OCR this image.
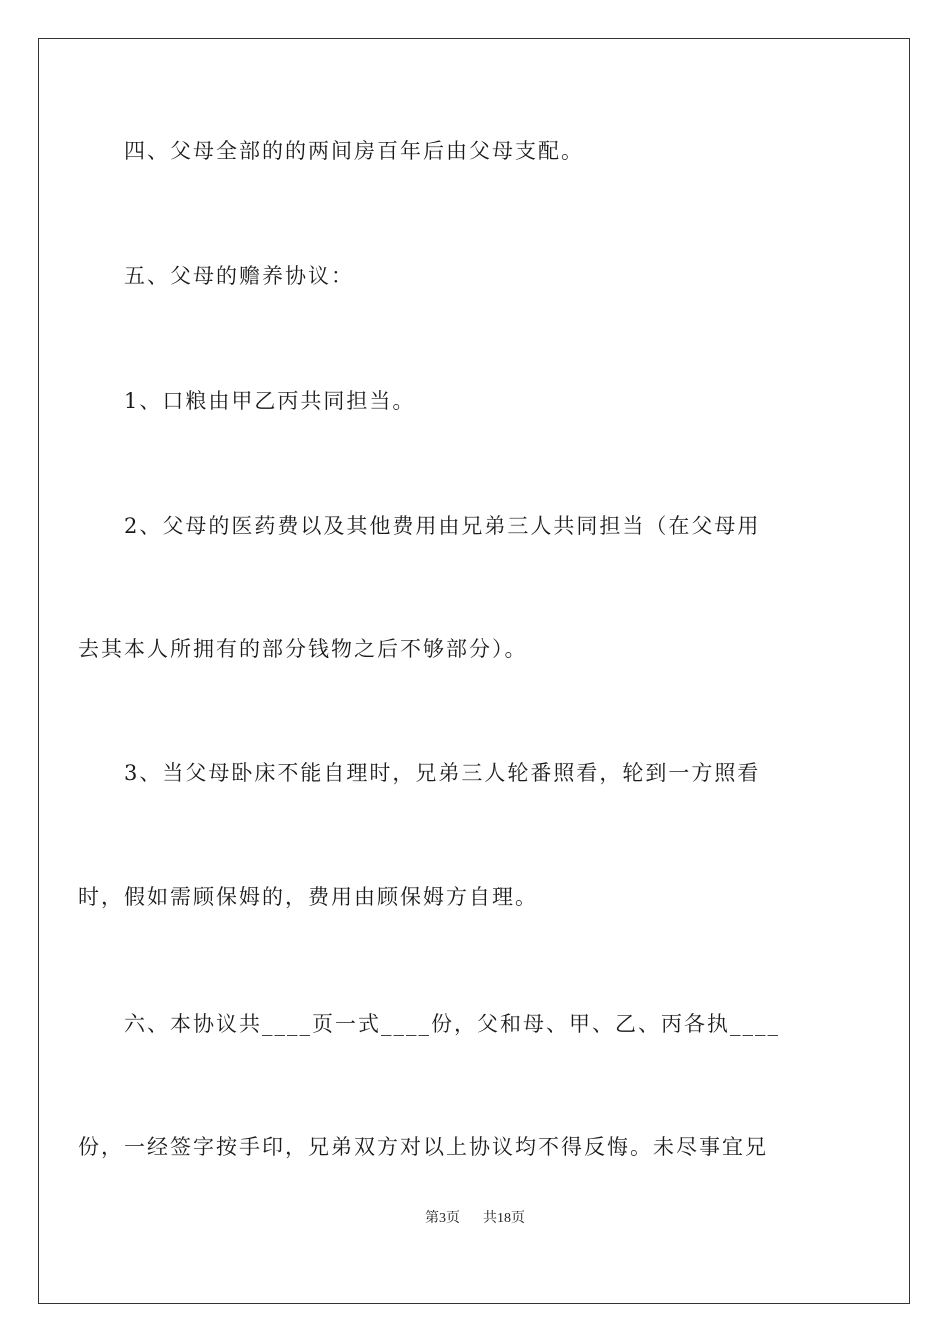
四、父母全部的的两间房百年后由父母支配。
五、父母的赡养协议：
1、口粮由甲乙丙共同担当。
2、父母的医药费以及其他费用由兄弟三人共同担当（在父母用
去其本人所拥有的部分钱物之后不够部分）。
3、当父母卧床不能自理时，兄弟三人轮番照看，轮到一方照看
时，假如需顾保姆的，费用由顾保姆方自理。
六、本协议共____页一式____份，父和母、甲、乙、丙各执____
份，一经签字按手印，兄弟双方对以上协议均不得反悔。未尽事宜兄
第3页 共18页
